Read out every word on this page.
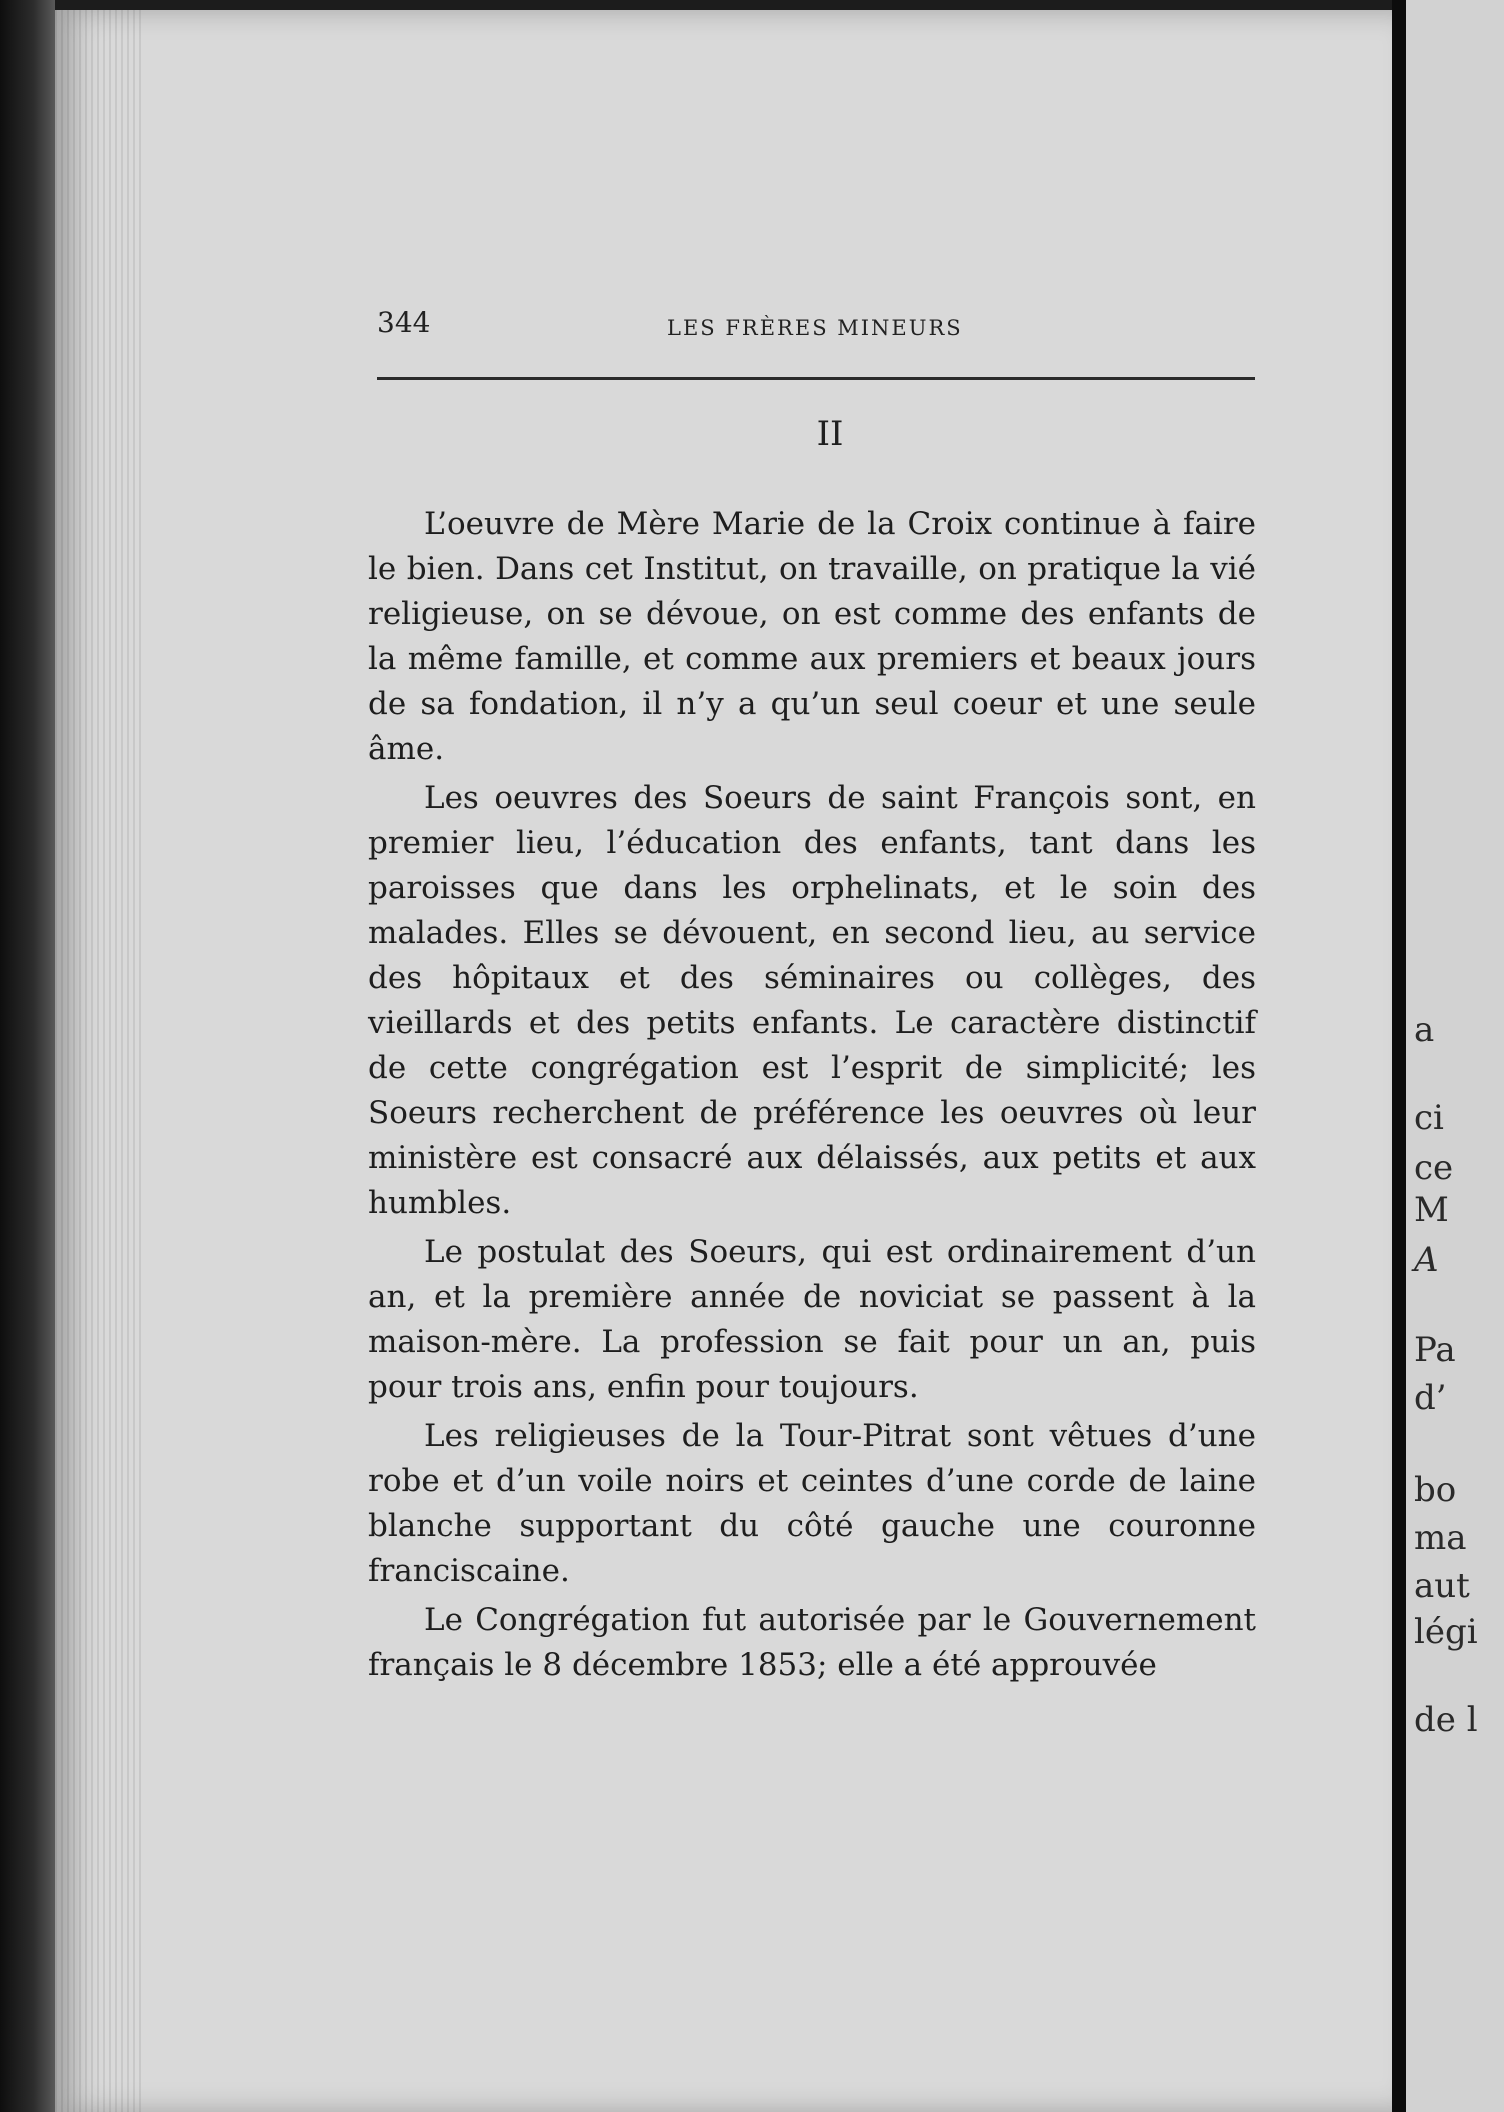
344	LES FRÈRES MINEURS
II

L’oeuvre de Mère Marie de la Croix continue à faire le bien. Dans cet Institut, on travaille, on pratique la vié religieuse, on se dévoue, on est comme des enfants de la même famille, et comme aux premiers et beaux jours de sa fondation, il n’y a qu’un seul coeur et une seule âme.

Les oeuvres des Soeurs de saint François sont, en premier lieu, l’éducation des enfants, tant dans les paroisses que dans les orphelinats, et le soin des malades. Elles se dévouent, en second lieu, au service des hôpitaux et des séminaires ou collèges, des vieillards et des petits enfants. Le caractère distinctif de cette congrégation est l’esprit de simplicité; les Soeurs recherchent de préférence les oeuvres où leur ministère est consacré aux délaissés, aux petits et aux humbles.

Le postulat des Soeurs, qui est ordinairement d’un an, et la première année de noviciat se passent à la maison-mère. La profession se fait pour un an, puis pour trois ans, enfin pour toujours.

Les religieuses de la Tour-Pitrat sont vêtues d’une robe et d’un voile noirs et ceintes d’une corde de laine blanche supportant du côté gauche une couronne franciscaine.

Le Congrégation fut autorisée par le Gouvernement français le 8 décembre 1853; elle a été approuvée

a
ci
ce
M
A
Pa
d’
bo
ma
aut
légi
de l
